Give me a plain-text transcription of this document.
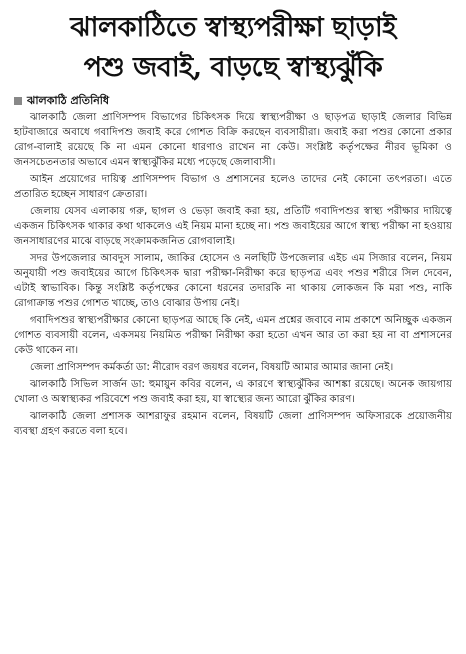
ঝালকাঠিতে স্বাস্থ্যপরীক্ষা ছাড়াই
পশু জবাই, বাড়ছে স্বাস্থ্যঝুঁকি
ঝালকাঠি প্রতিনিধি

ঝালকাঠি জেলা প্রাণিসম্পদ বিভাগের চিকিৎসক দিয়ে স্বাস্থ্যপরীক্ষা ও ছাড়পত্র ছাড়াই জেলার বিভিন্ন হাটবাজারে অবাধে গবাদিপশু জবাই করে গোশত বিক্রি করছেন ব্যবসায়ীরা। জবাই করা পশুর কোনো প্রকার রোগ-বালাই রয়েছে কি না এমন কোনো ধারণাও রাখেন না কেউ। সংশ্লিষ্ট কর্তৃপক্ষের নীরব ভূমিকা ও জনসচেতনতার অভাবে এমন স্বাস্থ্যঝুঁকির মধ্যে পড়েছে জেলাবাসী।

আইন প্রয়োগের দায়িত্ব প্রাণিসম্পদ বিভাগ ও প্রশাসনের হলেও তাদের নেই কোনো তৎপরতা। এতে প্রতারিত হচ্ছেন সাধারণ ক্রেতারা।

জেলায় যেসব এলাকায় গরু, ছাগল ও ভেড়া জবাই করা হয়, প্রতিটি গবাদিপশুর স্বাস্থ্য পরীক্ষার দায়িত্বে একজন চিকিৎসক থাকার কথা থাকলেও এই নিয়ম মানা হচ্ছে না। পশু জবাইয়ের আগে স্বাস্থ্য পরীক্ষা না হওয়ায় জনসাধারণের মাঝে বাড়ছে সংক্রামকজনিত রোগবালাই।

সদর উপজেলার আবদুস সালাম, জাকির হোসেন ও নলছিটি উপজেলার এইচ এম সিজার বলেন, নিয়ম অনুযায়ী পশু জবাইয়ের আগে চিকিৎসক দ্বারা পরীক্ষা-নিরীক্ষা করে ছাড়পত্র এবং পশুর শরীরে সিল দেবেন, এটাই স্বাভাবিক। কিন্তু সংশ্লিষ্ট কর্তৃপক্ষের কোনো ধরনের তদারকি না থাকায় লোকজন কি মরা পশু, নাকি রোগাক্রান্ত পশুর গোশত খাচ্ছে, তাও বোঝার উপায় নেই।

গবাদিপশুর স্বাস্থ্যপরীক্ষার কোনো ছাড়পত্র আছে কি নেই, এমন প্রশ্নের জবাবে নাম প্রকাশে অনিচ্ছুক একজন গোশত ব্যবসায়ী বলেন, একসময় নিয়মিত পরীক্ষা নিরীক্ষা করা হতো এখন আর তা করা হয় না বা প্রশাসনের কেউ থাকেন না।

জেলা প্রাণিসম্পদ কর্মকর্তা ডা: নীরোদ বরণ জয়ধর বলেন, বিষয়টি আমার আমার জানা নেই।

ঝালকাঠি সিভিল সার্জন ডা: হুমায়ুন কবির বলেন, এ কারণে স্বাস্থ্যঝুঁকির আশঙ্কা রয়েছে। অনেক জায়গায় খোলা ও অস্বাস্থ্যকর পরিবেশে পশু জবাই করা হয়, যা স্বাস্থ্যের জন্য আরো ঝুঁকির কারণ।

ঝালকাঠি জেলা প্রশাসক আশরাফুর রহমান বলেন, বিষয়টি জেলা প্রাণিসম্পদ অফিসারকে প্রয়োজনীয় ব্যবস্থা গ্রহণ করতে বলা হবে।
